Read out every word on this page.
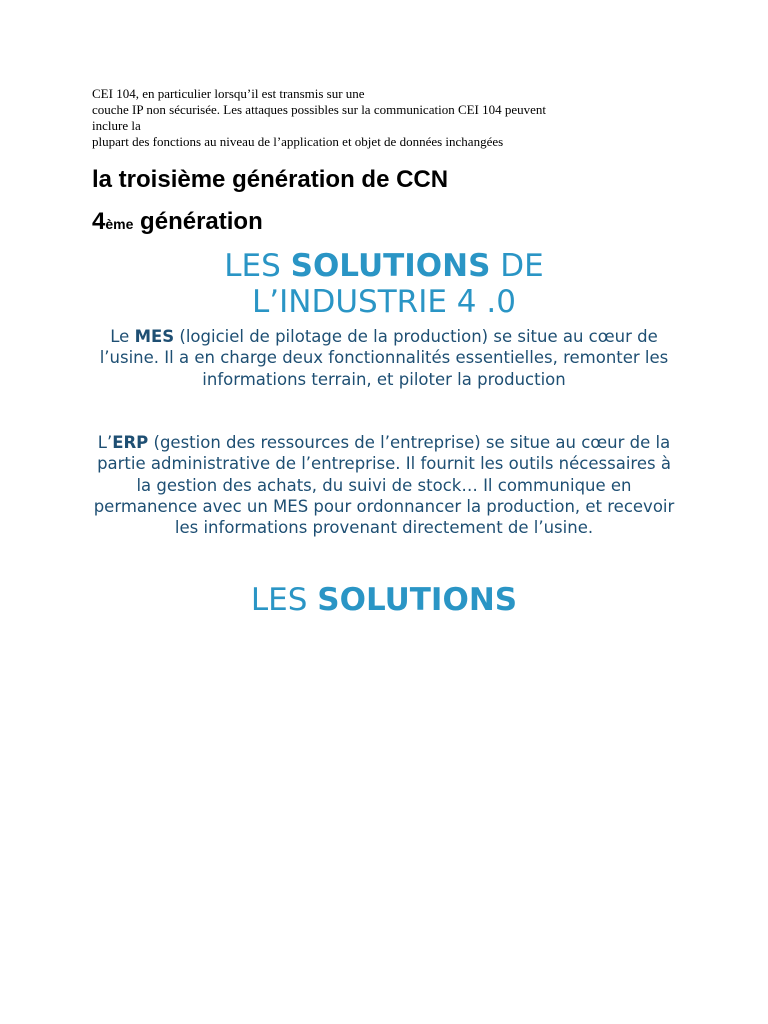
CEI 104, en particulier lorsqu’il est transmis sur une
couche IP non sécurisée. Les attaques possibles sur la communication CEI 104 peuvent
inclure la
plupart des fonctions au niveau de l’application et objet de données inchangées
la troisième génération de CCN
4ème génération
LES SOLUTIONS DE
L’INDUSTRIE 4 .0
Le MES (logiciel de pilotage de la production) se situe au cœur de l’usine. Il a en charge deux fonctionnalités essentielles, remonter les informations terrain, et piloter la production
L’ERP (gestion des ressources de l’entreprise) se situe au cœur de la partie administrative de l’entreprise. Il fournit les outils nécessaires à la gestion des achats, du suivi de stock… Il communique en permanence avec un MES pour ordonnancer la production, et recevoir les informations provenant directement de l’usine.
LES SOLUTIONS
